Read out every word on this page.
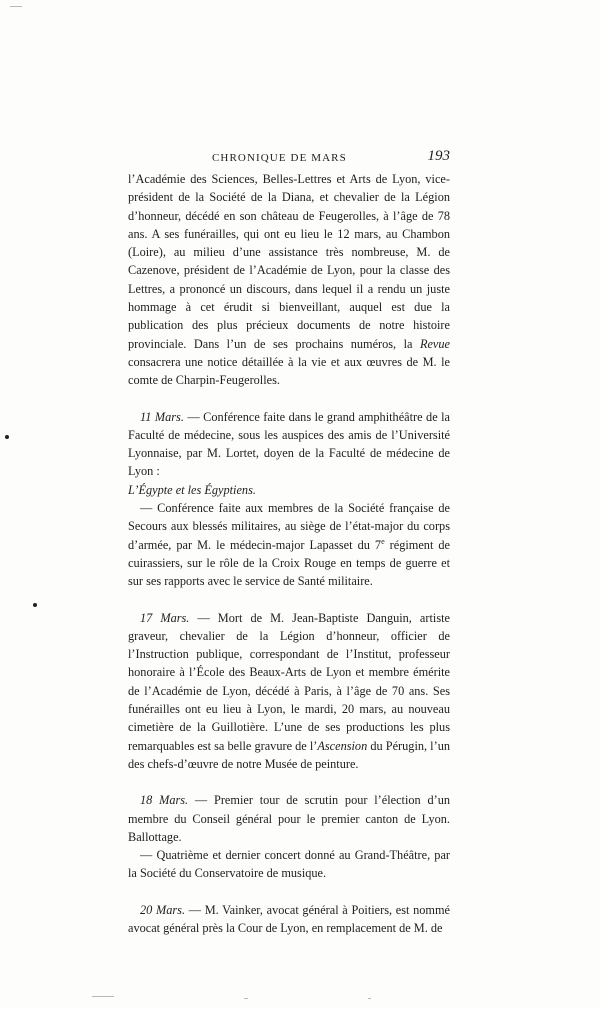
CHRONIQUE DE MARS	193

l’Académie des Sciences, Belles-Lettres et Arts de Lyon, vice-président de la Société de la Diana, et chevalier de la Légion d’honneur, décédé en son château de Feugerolles, à l’âge de 78 ans. A ses funérailles, qui ont eu lieu le 12 mars, au Chambon (Loire), au milieu d’une assistance très nombreuse, M. de Cazenove, président de l’Académie de Lyon, pour la classe des Lettres, a prononcé un discours, dans lequel il a rendu un juste hommage à cet érudit si bienveillant, auquel est due la publication des plus précieux documents de notre histoire provinciale. Dans l’un de ses prochains numéros, la Revue consacrera une notice détaillée à la vie et aux œuvres de M. le comte de Charpin-Feugerolles.

11 Mars. — Conférence faite dans le grand amphithéâtre de la Faculté de médecine, sous les auspices des amis de l’Université Lyonnaise, par M. Lortet, doyen de la Faculté de médecine de Lyon :
L’Égypte et les Égyptiens.

— Conférence faite aux membres de la Société française de Secours aux blessés militaires, au siège de l’état-major du corps d’armée, par M. le médecin-major Lapasset du 7e régiment de cuirassiers, sur le rôle de la Croix Rouge en temps de guerre et sur ses rapports avec le service de Santé militaire.

17 Mars. — Mort de M. Jean-Baptiste Danguin, artiste graveur, chevalier de la Légion d’honneur, officier de l’Instruction publique, correspondant de l’Institut, professeur honoraire à l’École des Beaux-Arts de Lyon et membre émérite de l’Académie de Lyon, décédé à Paris, à l’âge de 70 ans. Ses funérailles ont eu lieu à Lyon, le mardi, 20 mars, au nouveau cimetière de la Guillotière. L’une de ses productions les plus remarquables est sa belle gravure de l’Ascension du Pérugin, l’un des chefs-d’œuvre de notre Musée de peinture.

18 Mars. — Premier tour de scrutin pour l’élection d’un membre du Conseil général pour le premier canton de Lyon. Ballottage.

— Quatrième et dernier concert donné au Grand-Théâtre, par la Société du Conservatoire de musique.

20 Mars. — M. Vainker, avocat général à Poitiers, est nommé avocat général près la Cour de Lyon, en remplacement de M. de
